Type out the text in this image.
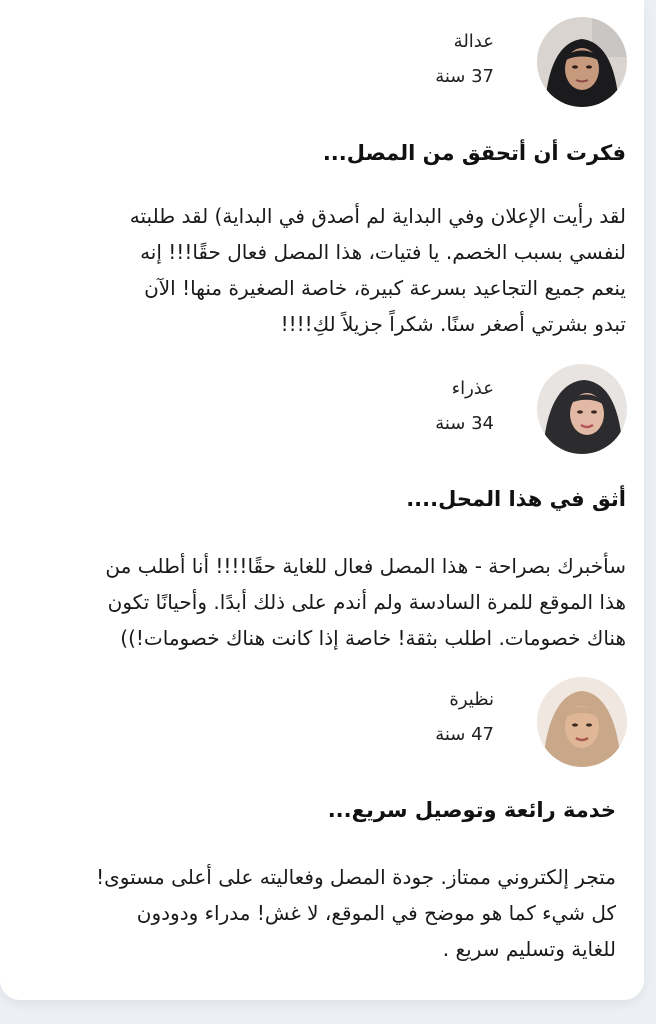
عدالة
37 سنة
فكرت أن أتحقق من المصل...
لقد رأيت الإعلان وفي البداية لم أصدق في البداية) لقد طلبته
لنفسي بسبب الخصم. يا فتيات، هذا المصل فعال حقًا!!! إنه
ينعم جميع التجاعيد بسرعة كبيرة، خاصة الصغيرة منها! الآن
تبدو بشرتي أصغر سنًا. شكراً جزيلاً لكِ!!!!
عذراء
34 سنة
أثق في هذا المحل....
سأخبرك بصراحة - هذا المصل فعال للغاية حقًا!!!! أنا أطلب من
هذا الموقع للمرة السادسة ولم أندم على ذلك أبدًا. وأحيانًا تكون
هناك خصومات. اطلب بثقة! خاصة إذا كانت هناك خصومات!))
نظيرة
47 سنة
خدمة رائعة وتوصيل سريع...
متجر إلكتروني ممتاز. جودة المصل وفعاليته على أعلى مستوى!
كل شيء كما هو موضح في الموقع، لا غش! مدراء ودودون
للغاية وتسليم سريع .
